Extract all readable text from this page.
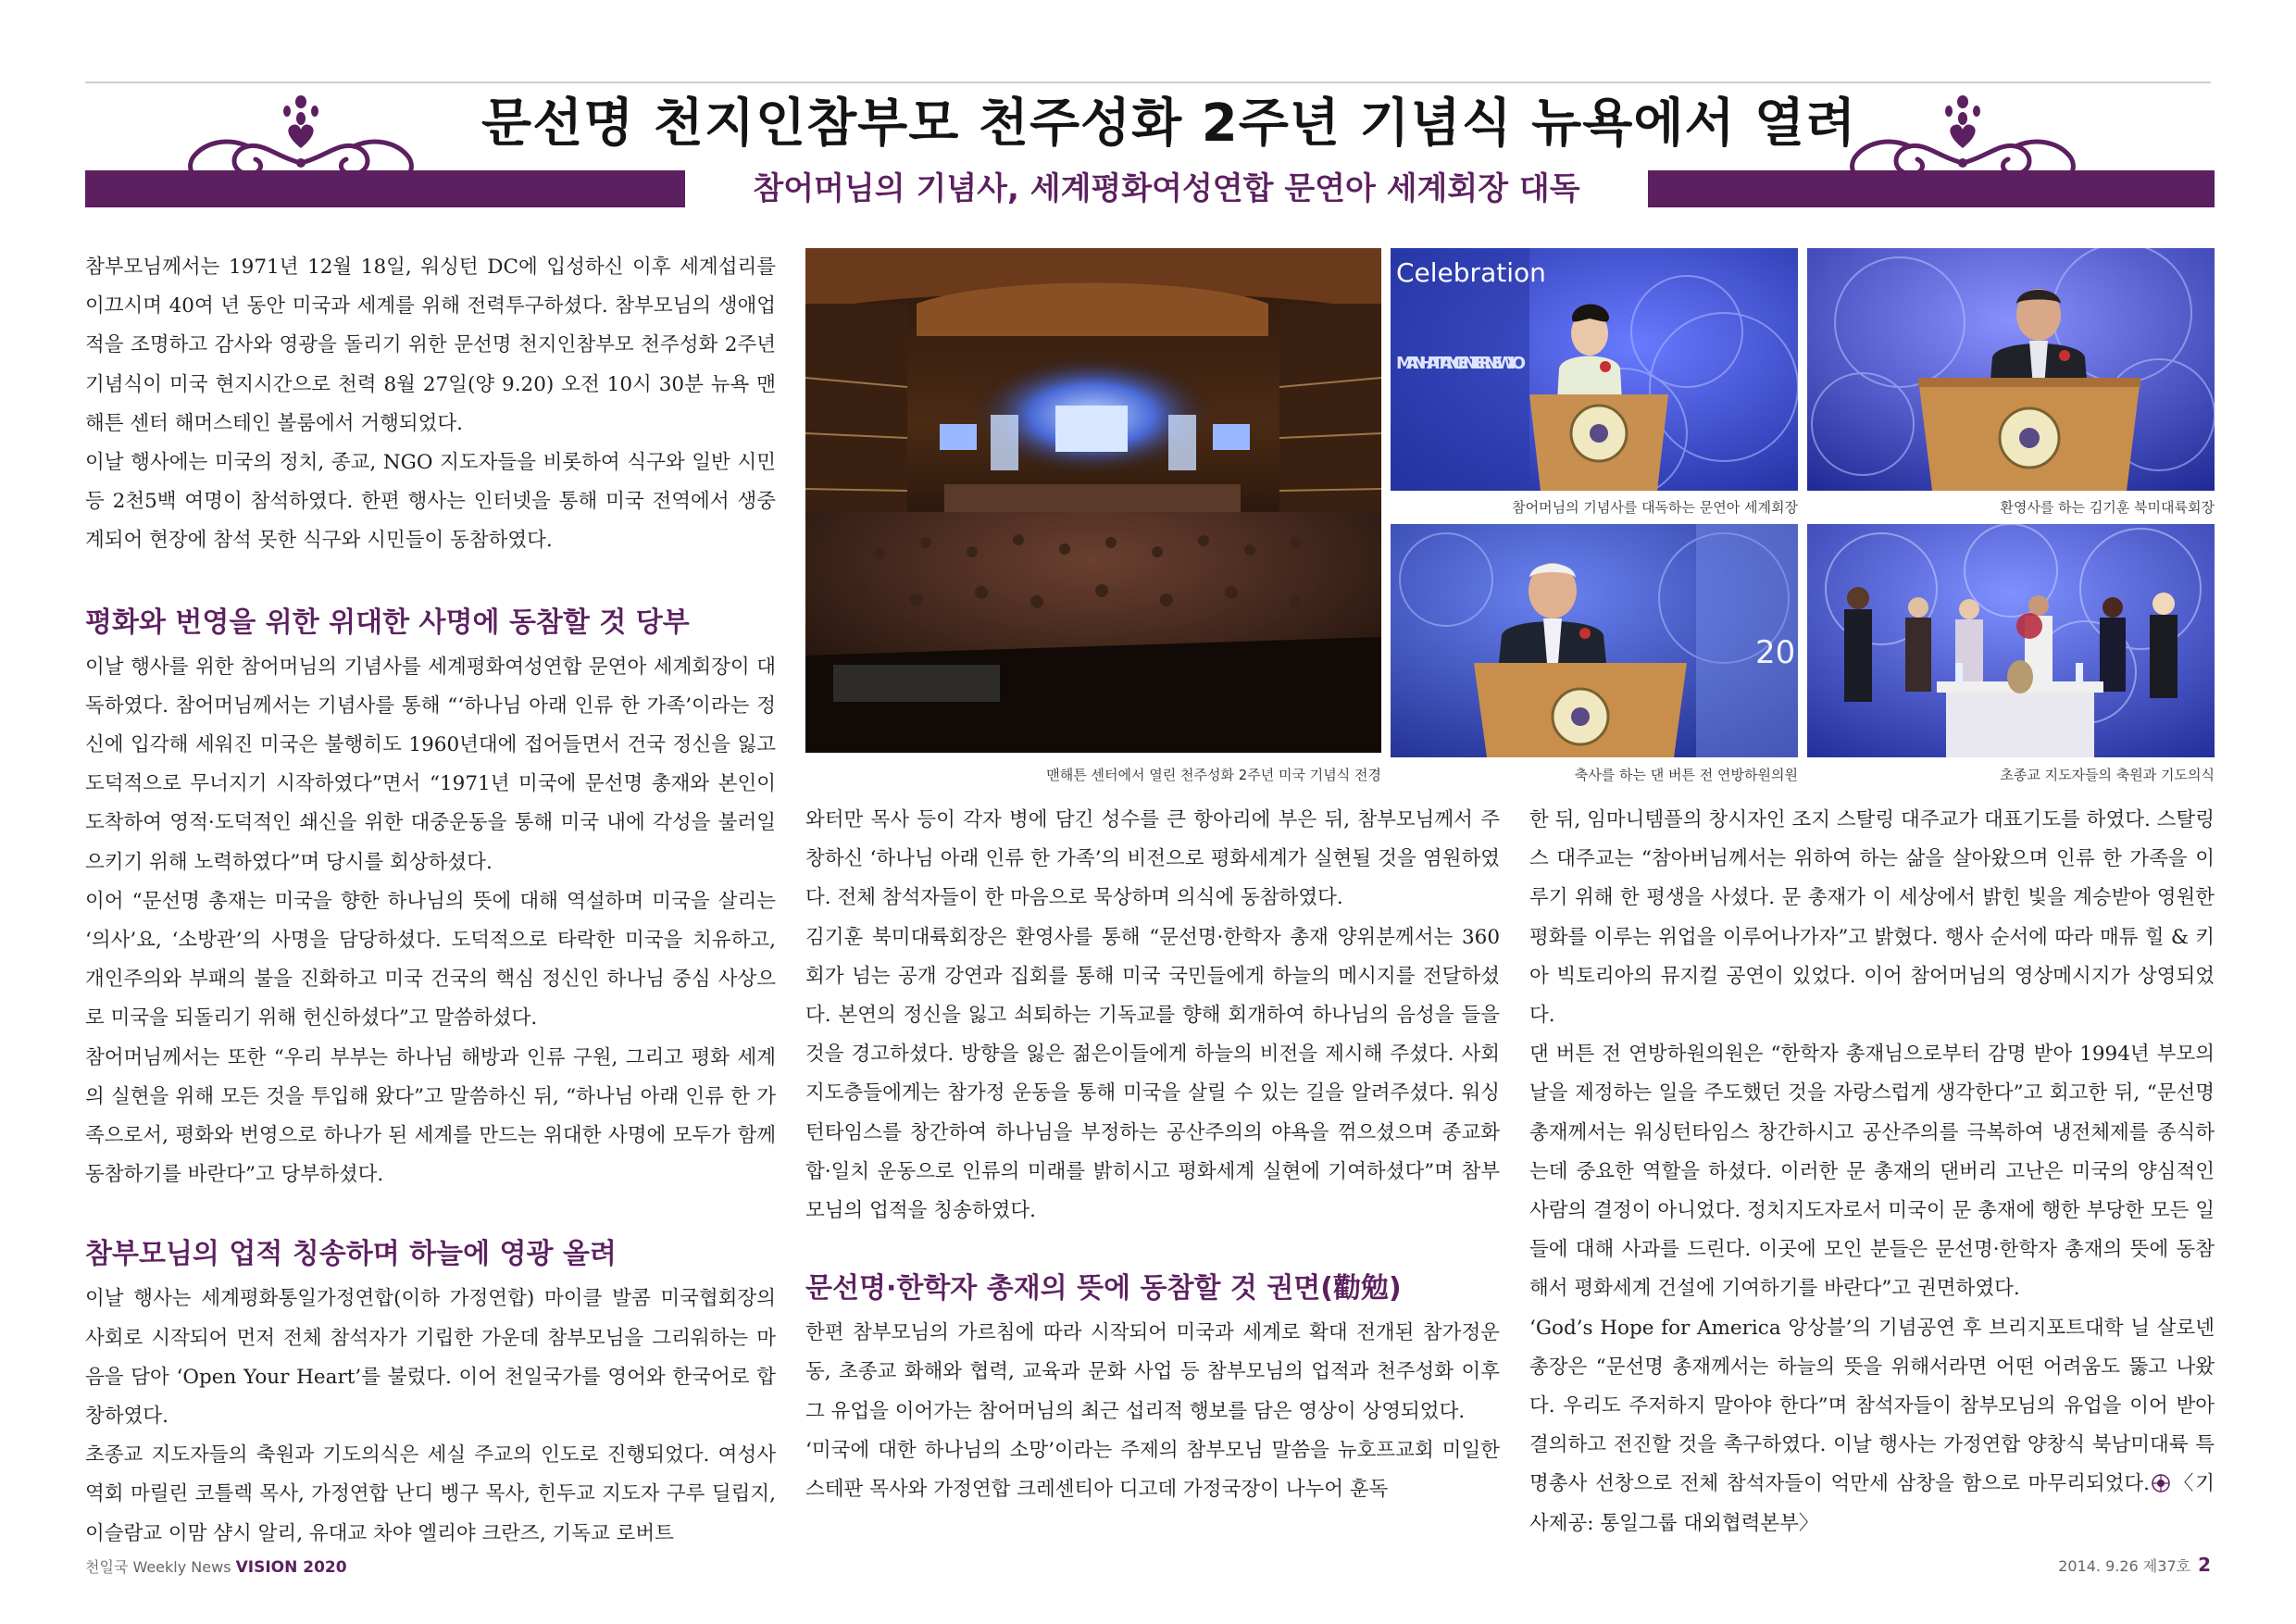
문선명 천지인참부모 천주성화 2주년 기념식 뉴욕에서 열려
참어머님의 기념사, 세계평화여성연합 문연아 세계회장 대독

참부모님께서는 1971년 12월 18일, 워싱턴 DC에 입성하신 이후 세계섭리를 이끄시며 40여 년 동안 미국과 세계를 위해 전력투구하셨다. 참부모님의 생애업적을 조명하고 감사와 영광을 돌리기 위한 문선명 천지인참부모 천주성화 2주년 기념식이 미국 현지시간으로 천력 8월 27일(양 9.20) 오전 10시 30분 뉴욕 맨해튼 센터 해머스테인 볼룸에서 거행되었다.

이날 행사에는 미국의 정치, 종교, NGO 지도자들을 비롯하여 식구와 일반 시민 등 2천5백 여명이 참석하였다. 한편 행사는 인터넷을 통해 미국 전역에서 생중계되어 현장에 참석 못한 식구와 시민들이 동참하였다.

평화와 번영을 위한 위대한 사명에 동참할 것 당부

이날 행사를 위한 참어머님의 기념사를 세계평화여성연합 문연아 세계회장이 대독하였다. 참어머님께서는 기념사를 통해 “‘하나님 아래 인류 한 가족’이라는 정신에 입각해 세워진 미국은 불행히도 1960년대에 접어들면서 건국 정신을 잃고 도덕적으로 무너지기 시작하였다”면서 “1971년 미국에 문선명 총재와 본인이 도착하여 영적·도덕적인 쇄신을 위한 대중운동을 통해 미국 내에 각성을 불러일으키기 위해 노력하였다”며 당시를 회상하셨다.

이어 “문선명 총재는 미국을 향한 하나님의 뜻에 대해 역설하며 미국을 살리는 ‘의사’요, ‘소방관’의 사명을 담당하셨다. 도덕적으로 타락한 미국을 치유하고, 개인주의와 부패의 불을 진화하고 미국 건국의 핵심 정신인 하나님 중심 사상으로 미국을 되돌리기 위해 헌신하셨다”고 말씀하셨다.

참어머님께서는 또한 “우리 부부는 하나님 해방과 인류 구원, 그리고 평화 세계의 실현을 위해 모든 것을 투입해 왔다”고 말씀하신 뒤, “하나님 아래 인류 한 가족으로서, 평화와 번영으로 하나가 된 세계를 만드는 위대한 사명에 모두가 함께 동참하기를 바란다”고 당부하셨다.

참부모님의 업적 칭송하며 하늘에 영광 올려

이날 행사는 세계평화통일가정연합(이하 가정연합) 마이클 발콤 미국협회장의 사회로 시작되어 먼저 전체 참석자가 기립한 가운데 참부모님을 그리워하는 마음을 담아 ‘Open Your Heart’를 불렀다. 이어 천일국가를 영어와 한국어로 합창하였다.

초종교 지도자들의 축원과 기도의식은 세실 주교의 인도로 진행되었다. 여성사역회 마릴린 코틀렉 목사, 가정연합 난디 벵구 목사, 힌두교 지도자 구루 딜립지, 이슬람교 이맘 샴시 알리, 유대교 차야 엘리야 크란즈, 기독교 로버트

맨해튼 센터에서 열린 천주성화 2주년 미국 기념식 전경
Celebration
MANHATTAN CENTER NEW YO
참어머님의 기념사를 대독하는 문연아 세계회장	환영사를 하는 김기훈 북미대륙회장
20
축사를 하는 댄 버튼 전 연방하원의원	초종교 지도자들의 축원과 기도의식

와터만 목사 등이 각자 병에 담긴 성수를 큰 항아리에 부은 뒤, 참부모님께서 주창하신 ‘하나님 아래 인류 한 가족’의 비전으로 평화세계가 실현될 것을 염원하였다. 전체 참석자들이 한 마음으로 묵상하며 의식에 동참하였다.

김기훈 북미대륙회장은 환영사를 통해 “문선명·한학자 총재 양위분께서는 360회가 넘는 공개 강연과 집회를 통해 미국 국민들에게 하늘의 메시지를 전달하셨다. 본연의 정신을 잃고 쇠퇴하는 기독교를 향해 회개하여 하나님의 음성을 들을 것을 경고하셨다. 방향을 잃은 젊은이들에게 하늘의 비전을 제시해 주셨다. 사회지도층들에게는 참가정 운동을 통해 미국을 살릴 수 있는 길을 알려주셨다. 워싱턴타임스를 창간하여 하나님을 부정하는 공산주의의 야욕을 꺾으셨으며 종교화합·일치 운동으로 인류의 미래를 밝히시고 평화세계 실현에 기여하셨다”며 참부모님의 업적을 칭송하였다.

문선명·한학자 총재의 뜻에 동참할 것 권면(勸勉)

한편 참부모님의 가르침에 따라 시작되어 미국과 세계로 확대 전개된 참가정운동, 초종교 화해와 협력, 교육과 문화 사업 등 참부모님의 업적과 천주성화 이후 그 유업을 이어가는 참어머님의 최근 섭리적 행보를 담은 영상이 상영되었다.

‘미국에 대한 하나님의 소망’이라는 주제의 참부모님 말씀을 뉴호프교회 미일한 스테판 목사와 가정연합 크레센티아 디고데 가정국장이 나누어 훈독

한 뒤, 임마니템플의 창시자인 조지 스탈링 대주교가 대표기도를 하였다. 스탈링스 대주교는 “참아버님께서는 위하여 하는 삶을 살아왔으며 인류 한 가족을 이루기 위해 한 평생을 사셨다. 문 총재가 이 세상에서 밝힌 빛을 계승받아 영원한 평화를 이루는 위업을 이루어나가자”고 밝혔다. 행사 순서에 따라 매튜 힐 & 키아 빅토리아의 뮤지컬 공연이 있었다. 이어 참어머님의 영상메시지가 상영되었다.

댄 버튼 전 연방하원의원은 “한학자 총재님으로부터 감명 받아 1994년 부모의 날을 제정하는 일을 주도했던 것을 자랑스럽게 생각한다”고 회고한 뒤, “문선명 총재께서는 워싱턴타임스 창간하시고 공산주의를 극복하여 냉전체제를 종식하는데 중요한 역할을 하셨다. 이러한 문 총재의 댄버리 고난은 미국의 양심적인 사람의 결정이 아니었다. 정치지도자로서 미국이 문 총재에 행한 부당한 모든 일들에 대해 사과를 드린다. 이곳에 모인 분들은 문선명·한학자 총재의 뜻에 동참해서 평화세계 건설에 기여하기를 바란다”고 권면하였다.

‘God’s Hope for America 앙상블’의 기념공연 후 브리지포트대학 닐 살로넨 총장은 “문선명 총재께서는 하늘의 뜻을 위해서라면 어떤 어려움도 뚫고 나왔다. 우리도 주저하지 말아야 한다”며 참석자들이 참부모님의 유업을 이어 받아 결의하고 전진할 것을 촉구하였다. 이날 행사는 가정연합 양창식 북남미대륙 특명총사 선창으로 전체 참석자들이 억만세 삼창을 함으로 마무리되었다. 〈기사제공: 통일그룹 대외협력본부〉

천일국 Weekly News VISION 2020	2014. 9.26 제37호 2
